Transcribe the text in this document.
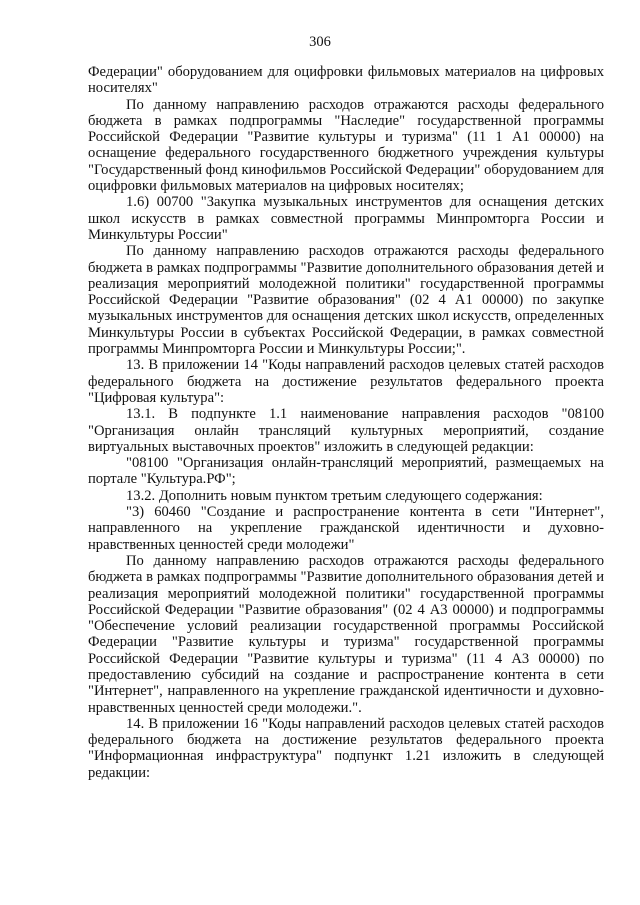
306

Федерации" оборудованием для оцифровки фильмовых материалов на цифровых носителях"

По данному направлению расходов отражаются расходы федерального бюджета в рамках подпрограммы "Наследие" государственной программы Российской Федерации "Развитие культуры и туризма" (11 1 А1 00000) на оснащение федерального государственного бюджетного учреждения культуры "Государственный фонд кинофильмов Российской Федерации" оборудованием для оцифровки фильмовых материалов на цифровых носителях;

1.6) 00700 "Закупка музыкальных инструментов для оснащения детских школ искусств в рамках совместной программы Минпромторга России и Минкультуры России"

По данному направлению расходов отражаются расходы федерального бюджета в рамках подпрограммы "Развитие дополнительного образования детей и реализация мероприятий молодежной политики" государственной программы Российской Федерации "Развитие образования" (02 4 А1 00000) по закупке музыкальных инструментов для оснащения детских школ искусств, определенных Минкультуры России в субъектах Российской Федерации, в рамках совместной программы Минпромторга России и Минкультуры России;".

13. В приложении 14 "Коды направлений расходов целевых статей расходов федерального бюджета на достижение результатов федерального проекта "Цифровая культура":

13.1. В подпункте 1.1 наименование направления расходов "08100 "Организация онлайн трансляций культурных мероприятий, создание виртуальных выставочных проектов" изложить в следующей редакции:

"08100 "Организация онлайн-трансляций мероприятий, размещаемых на портале "Культура.РФ";

13.2. Дополнить новым пунктом третьим следующего содержания:

"3) 60460 "Создание и распространение контента в сети "Интернет", направленного на укрепление гражданской идентичности и духовно-нравственных ценностей среди молодежи"

По данному направлению расходов отражаются расходы федерального бюджета в рамках подпрограммы "Развитие дополнительного образования детей и реализация мероприятий молодежной политики" государственной программы Российской Федерации "Развитие образования" (02 4 А3 00000) и подпрограммы "Обеспечение условий реализации государственной программы Российской Федерации "Развитие культуры и туризма" государственной программы Российской Федерации "Развитие культуры и туризма" (11 4 А3 00000) по предоставлению субсидий на создание и распространение контента в сети "Интернет", направленного на укрепление гражданской идентичности и духовно-нравственных ценностей среди молодежи.".

14. В приложении 16 "Коды направлений расходов целевых статей расходов федерального бюджета на достижение результатов федерального проекта "Информационная инфраструктура" подпункт 1.21 изложить в следующей редакции:
